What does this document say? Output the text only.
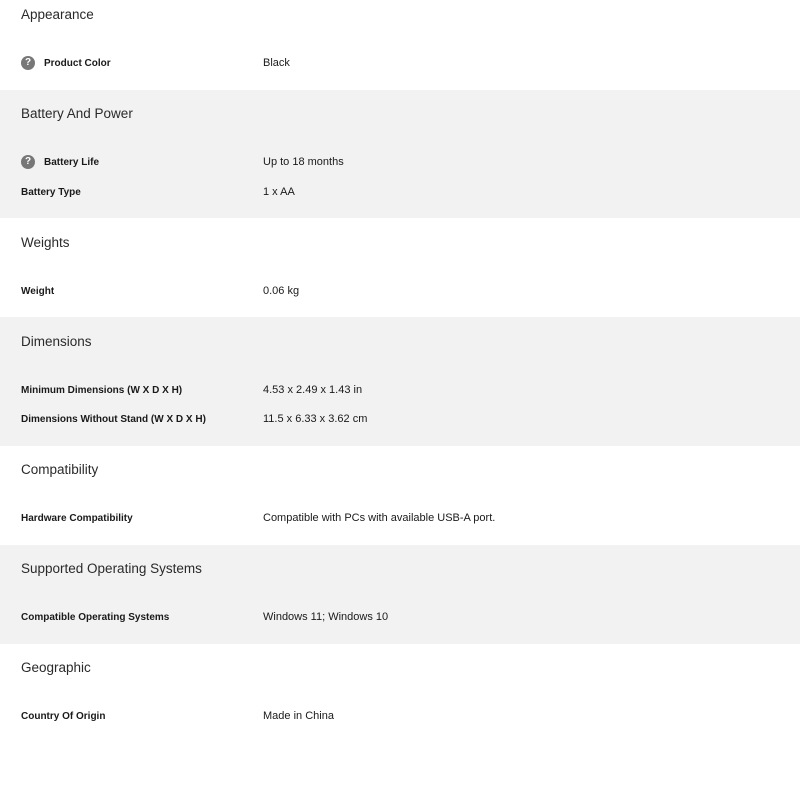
Appearance
?	Product Color	Black
Battery And Power
?	Battery Life	Up to 18 months
Battery Type	1 x AA
Weights
Weight	0.06 kg
Dimensions
Minimum Dimensions (W X D X H)	4.53 x 2.49 x 1.43 in
Dimensions Without Stand (W X D X H)	11.5 x 6.33 x 3.62 cm
Compatibility
Hardware Compatibility	Compatible with PCs with available USB-A port.
Supported Operating Systems
Compatible Operating Systems	Windows 11; Windows 10
Geographic
Country Of Origin	Made in China
